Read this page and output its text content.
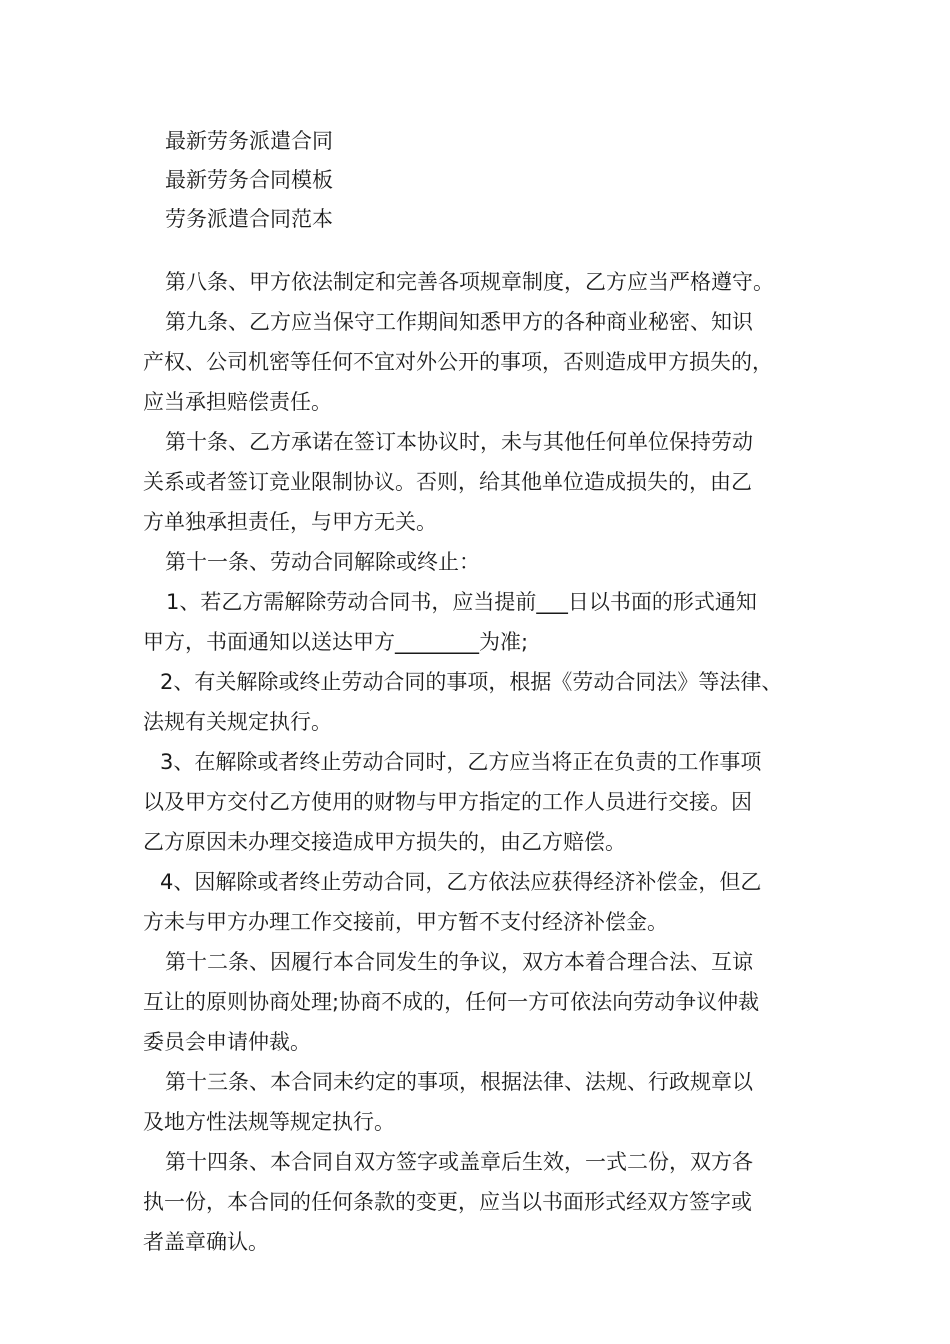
最新劳务派遣合同
最新劳务合同模板
劳务派遣合同范本
第八条、甲方依法制定和完善各项规章制度，乙方应当严格遵守。
第九条、乙方应当保守工作期间知悉甲方的各种商业秘密、知识
产权、公司机密等任何不宜对外公开的事项，否则造成甲方损失的，
应当承担赔偿责任。
第十条、乙方承诺在签订本协议时，未与其他任何单位保持劳动
关系或者签订竞业限制协议。否则，给其他单位造成损失的，由乙
方单独承担责任，与甲方无关。
第十一条、劳动合同解除或终止：
1、若乙方需解除劳动合同书，应当提前___日以书面的形式通知
甲方，书面通知以送达甲方________为准;
2、有关解除或终止劳动合同的事项，根据《劳动合同法》等法律、
法规有关规定执行。
3、在解除或者终止劳动合同时，乙方应当将正在负责的工作事项
以及甲方交付乙方使用的财物与甲方指定的工作人员进行交接。因
乙方原因未办理交接造成甲方损失的，由乙方赔偿。
4、因解除或者终止劳动合同，乙方依法应获得经济补偿金，但乙
方未与甲方办理工作交接前，甲方暂不支付经济补偿金。
第十二条、因履行本合同发生的争议，双方本着合理合法、互谅
互让的原则协商处理;协商不成的，任何一方可依法向劳动争议仲裁
委员会申请仲裁。
第十三条、本合同未约定的事项，根据法律、法规、行政规章以
及地方性法规等规定执行。
第十四条、本合同自双方签字或盖章后生效，一式二份，双方各
执一份，本合同的任何条款的变更，应当以书面形式经双方签字或
者盖章确认。
